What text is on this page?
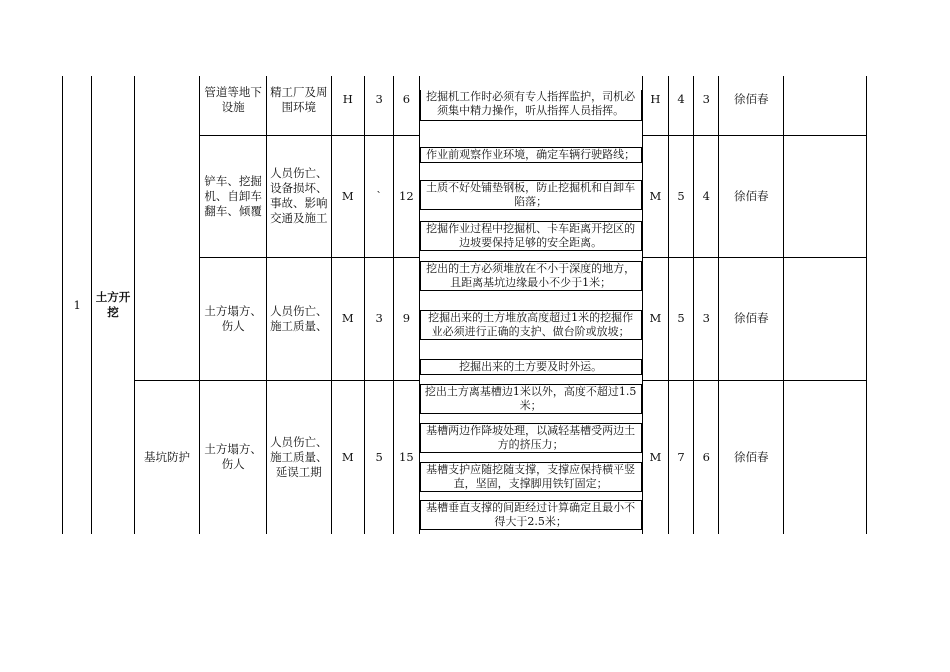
1	土方开挖		管道等地下设施	精工厂及周围环境	H	3	6	挖掘机工作时必须有专人指挥监护，司机必须集中精力操作，听从指挥人员指挥。	H	4	3	徐佰春	

			铲车、挖掘机、自卸车翻车、倾覆	人员伤亡、设备损坏、事故、影响交通及施工	M	`	12	作业前观察作业环境，确定车辆行驶路线；	M	5	4	徐佰春	

土质不好处铺垫钢板，防止挖掘机和自卸车陷落；					

挖掘作业过程中挖掘机、卡车距离开挖区的边坡要保持足够的安全距离。					

			土方塌方、伤人	人员伤亡、施工质量、	M	3	9	挖出的土方必须堆放在不小于深度的地方，且距离基坑边缘最小不少于1米；	M	5	3	徐佰春	

挖掘出来的土方堆放高度超过1米的挖掘作业必须进行正确的支护、做台阶或放坡；					

挖掘出来的土方要及时外运。					

		基坑防护	土方塌方、伤人	人员伤亡、施工质量、延误工期	M	5	15	挖出土方离基槽边1米以外，高度不超过1.5米；	M	7	6	徐佰春	

基槽两边作降坡处理，以减轻基槽受两边土方的挤压力；					

基槽支护应随挖随支撑，支撑应保持横平竖直，坚固，支撑脚用铁钉固定；					

基槽垂直支撑的间距经过计算确定且最小不得大于2.5米；					
